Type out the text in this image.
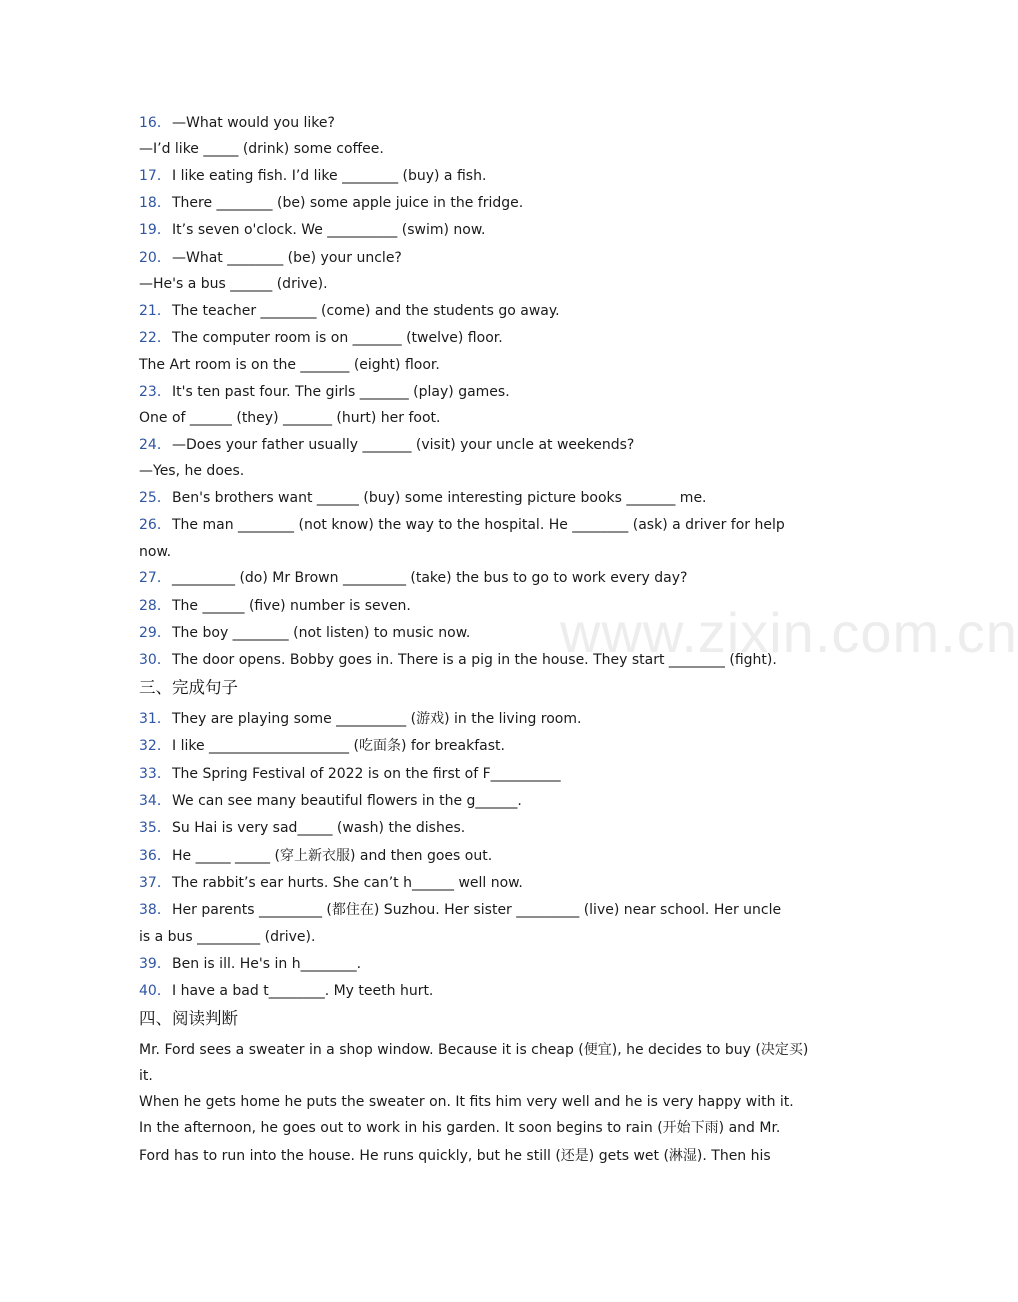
www.zixin.com.cn
16．—What would you like?
—I’d like _____ (drink) some coffee.
17．I like eating fish. I’d like ________ (buy) a fish.
18．There ________ (be) some apple juice in the fridge.
19．It’s seven o'clock. We __________ (swim) now.
20．—What ________ (be) your uncle?
—He's a bus ______ (drive).
21．The teacher ________ (come) and the students go away.
22．The computer room is on _______ (twelve) floor.
The Art room is on the _______ (eight) floor.
23．It's ten past four. The girls _______ (play) games.
One of ______ (they) _______ (hurt) her foot.
24．—Does your father usually _______ (visit) your uncle at weekends?
—Yes, he does.
25．Ben's brothers want ______ (buy) some interesting picture books _______ me.
26．The man ________ (not know) the way to the hospital. He ________ (ask) a driver for help
now.
27．_________ (do) Mr Brown _________ (take) the bus to go to work every day?
28．The ______ (five) number is seven.
29．The boy ________ (not listen) to music now.
30．The door opens. Bobby goes in. There is a pig in the house. They start ________ (fight).
三、完成句子
31．They are playing some __________ (游戏) in the living room.
32．I like ____________________ (吃面条) for breakfast.
33．The Spring Festival of 2022 is on the first of F__________
34．We can see many beautiful flowers in the g______.
35．Su Hai is very sad_____ (wash) the dishes.
36．He _____ _____ (穿上新衣服) and then goes out.
37．The rabbit’s ear hurts. She can’t h______ well now.
38．Her parents _________ (都住在) Suzhou. Her sister _________ (live) near school. Her uncle
is a bus _________ (drive).
39．Ben is ill. He's in h________.
40．I have a bad t________. My teeth hurt.
四、阅读判断
Mr. Ford sees a sweater in a shop window. Because it is cheap (便宜), he decides to buy (决定买)
it.
When he gets home he puts the sweater on. It fits him very well and he is very happy with it.
In the afternoon, he goes out to work in his garden. It soon begins to rain (开始下雨) and Mr.
Ford has to run into the house. He runs quickly, but he still (还是) gets wet (淋湿). Then his
